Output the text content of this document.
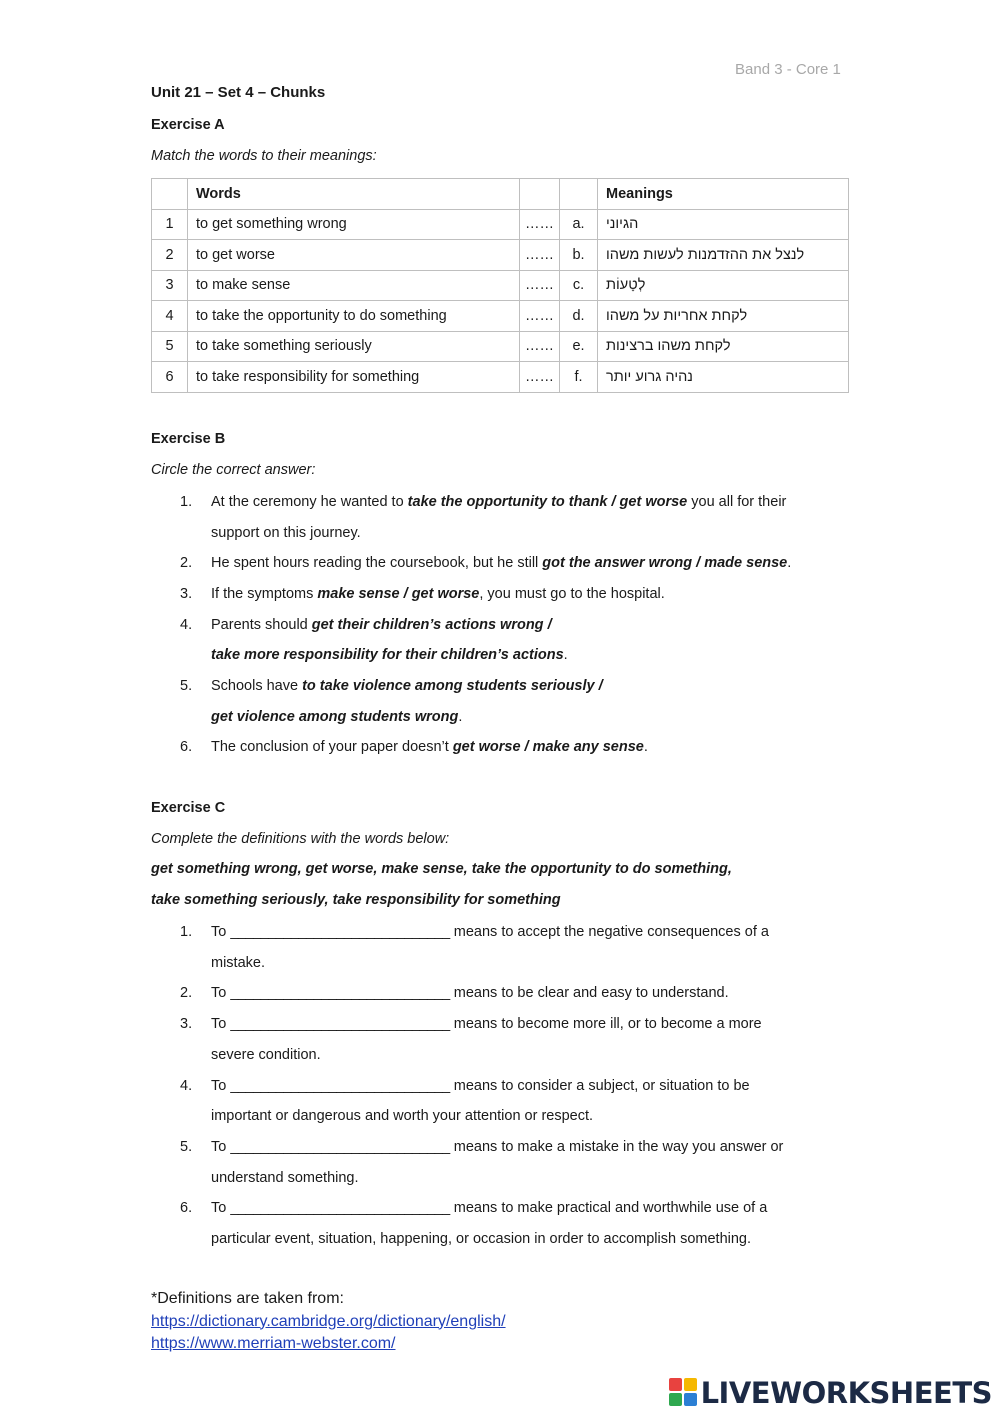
Band 3 - Core 1
Unit 21 – Set 4 – Chunks
Exercise A
Match the words to their meanings:
	Words			Meanings
1	to get something wrong	……	a.	הגיוני
2	to get worse	……	b.	לנצל את ההזדמנות לעשות משהו
3	to make sense	……	c.	לְטָעוֹת
4	to take the opportunity to do something	……	d.	לקחת אחריות על משהו
5	to take something seriously	……	e.	לקחת משהו ברצינות
6	to take responsibility for something	……	f.	נהיה גרוע יותר
Exercise B
Circle the correct answer:
1.	At the ceremony he wanted to take the opportunity to thank / get worse you all for their
support on this journey.
2.	He spent hours reading the coursebook, but he still got the answer wrong / made sense.
3.	If the symptoms make sense / get worse, you must go to the hospital.
4.	Parents should get their children’s actions wrong /
take more responsibility for their children’s actions.
5.	Schools have to take violence among students seriously /
get violence among students wrong.
6.	The conclusion of your paper doesn’t get worse / make any sense.
Exercise C
Complete the definitions with the words below:
get something wrong, get worse, make sense, take the opportunity to do something,
take something seriously, take responsibility for something
1.	To _____________________________ means to accept the negative consequences of a
mistake.
2.	To _____________________________ means to be clear and easy to understand.
3.	To _____________________________ means to become more ill, or to become a more
severe condition.
4.	To _____________________________ means to consider a subject, or situation to be
important or dangerous and worth your attention or respect.
5.	To _____________________________ means to make a mistake in the way you answer or
understand something.
6.	To _____________________________ means to make practical and worthwhile use of a
particular event, situation, happening, or occasion in order to accomplish something.
*Definitions are taken from:
https://dictionary.cambridge.org/dictionary/english/
https://www.merriam-webster.com/
LIVEWORKSHEETS
